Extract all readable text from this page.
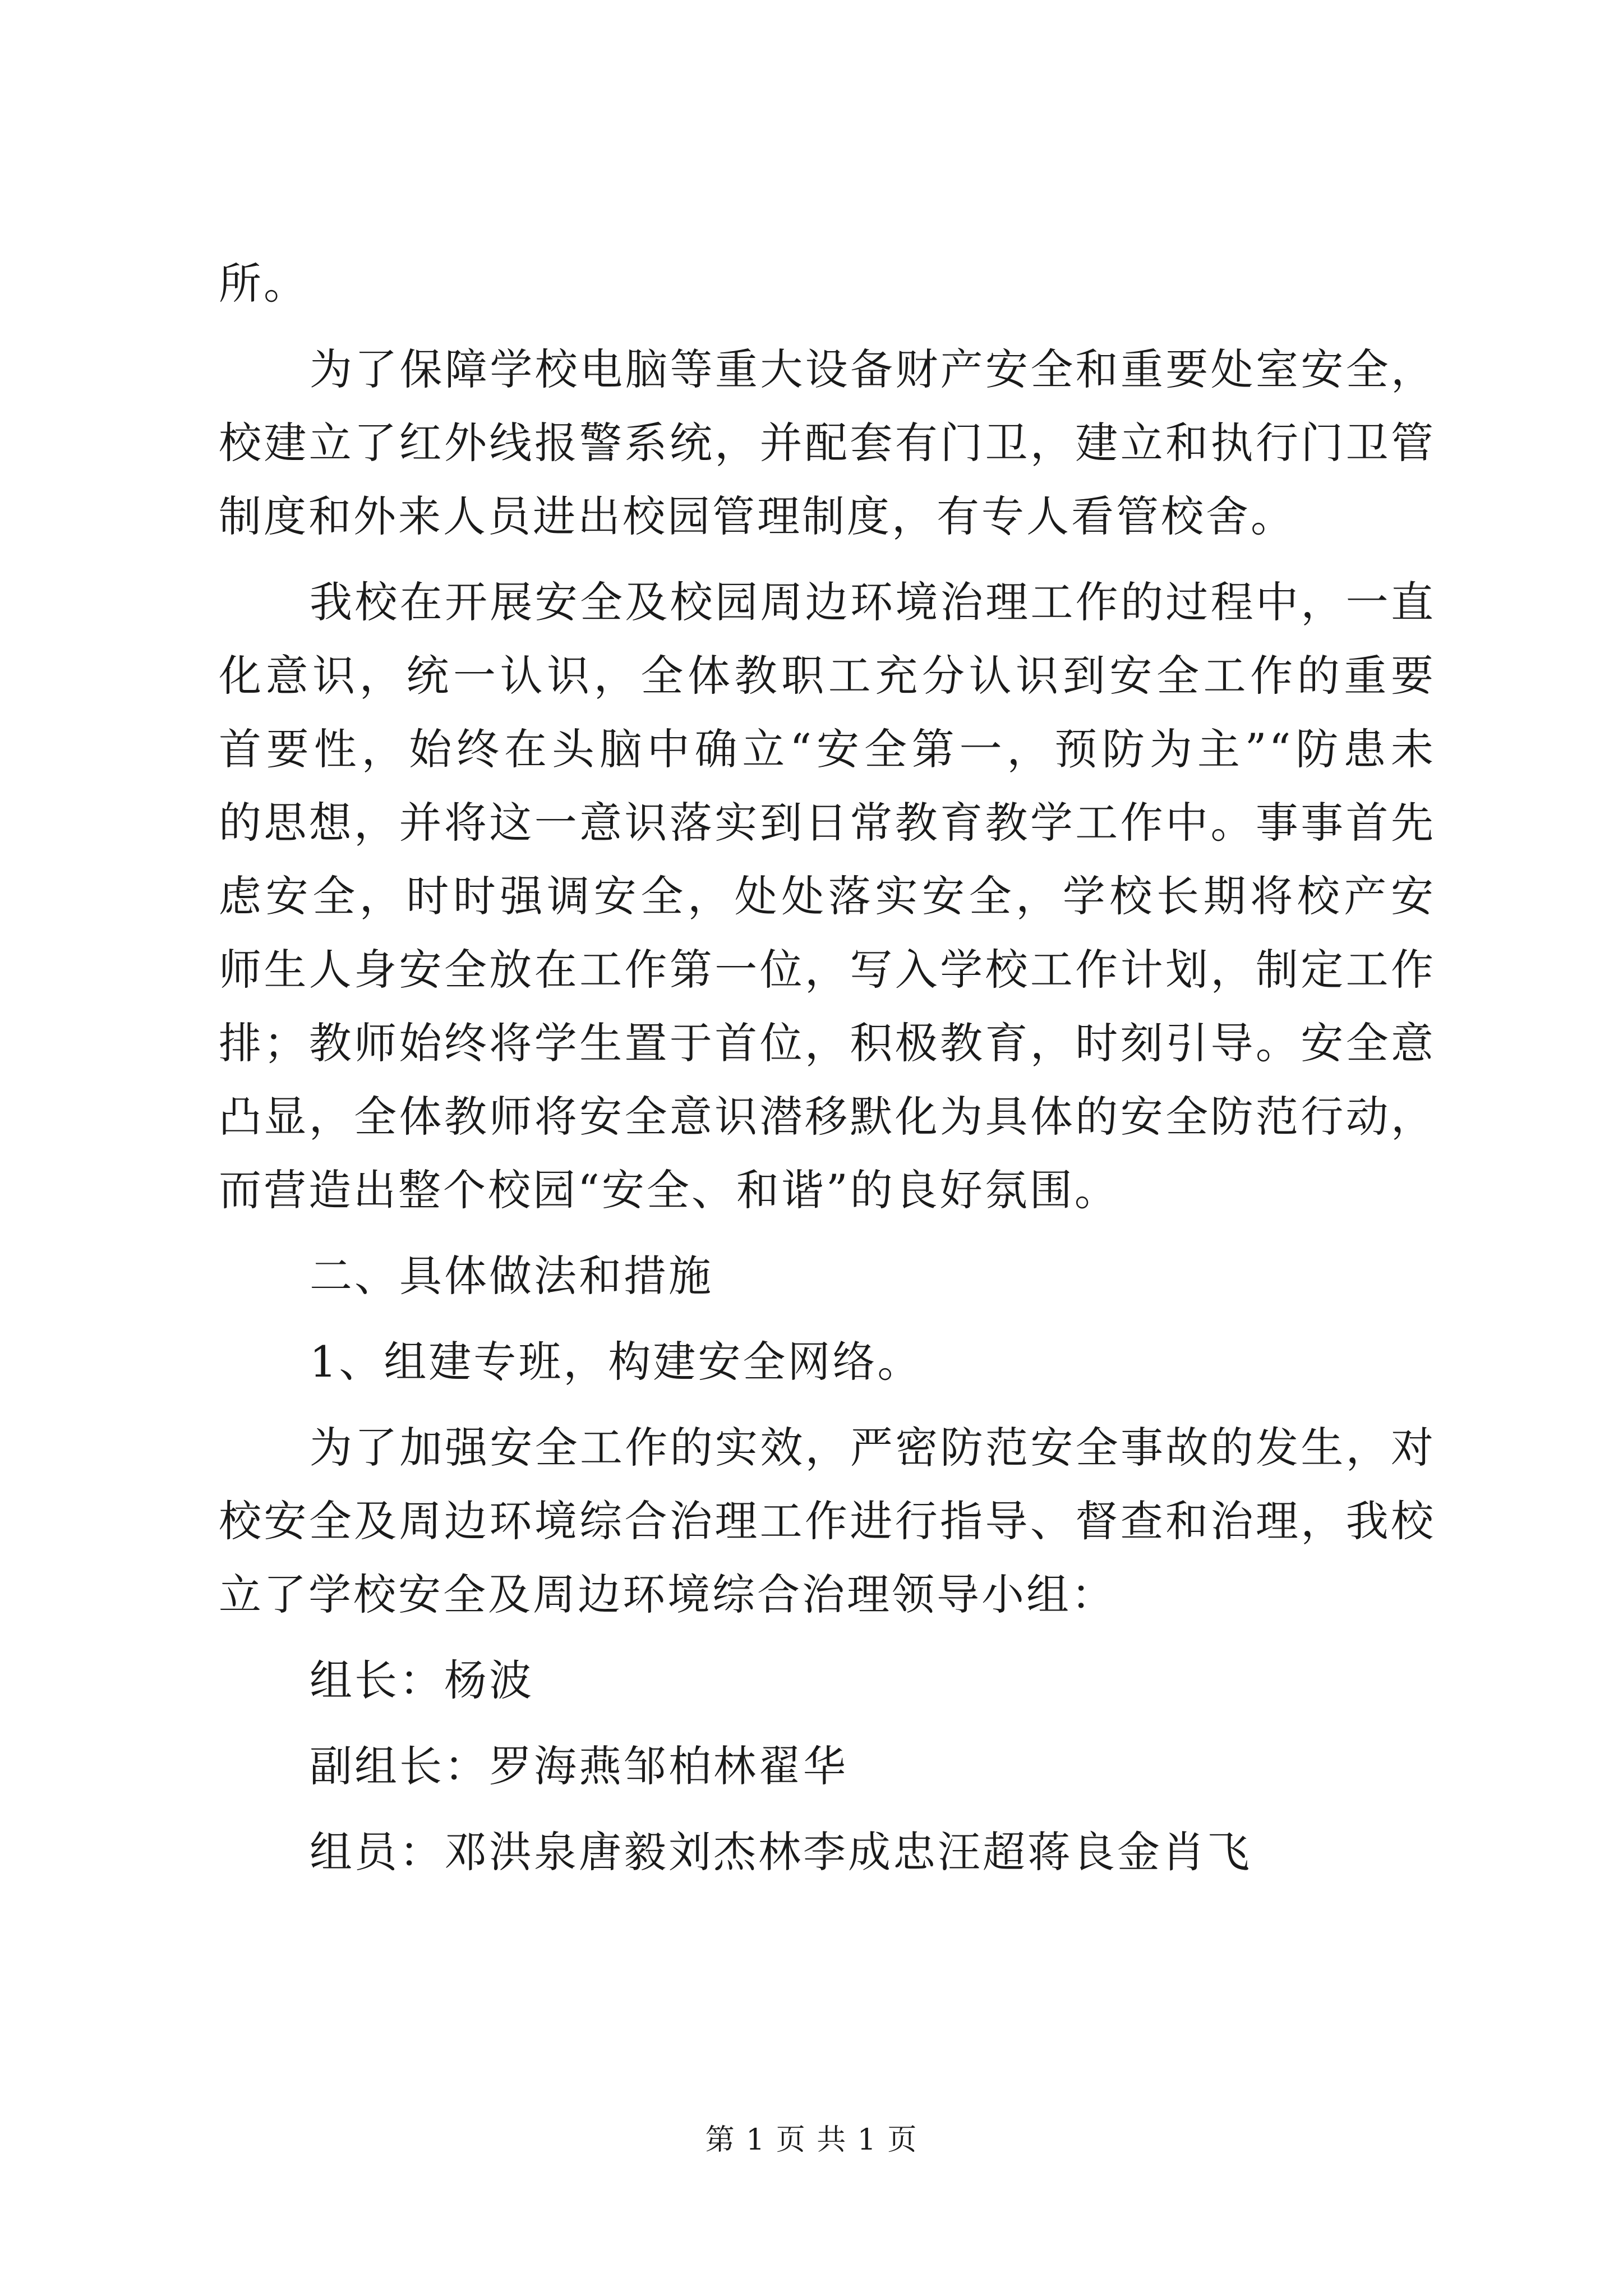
所。
为了保障学校电脑等重大设备财产安全和重要处室安全，
校建立了红外线报警系统，并配套有门卫，建立和执行门卫管
制度和外来人员进出校园管理制度，有专人看管校舍。
我校在开展安全及校园周边环境治理工作的过程中，一直
化意识，统一认识，全体教职工充分认识到安全工作的重要
首要性，始终在头脑中确立“安全第一，预防为主”“防患未
的思想，并将这一意识落实到日常教育教学工作中。事事首先
虑安全，时时强调安全，处处落实安全，学校长期将校产安
师生人身安全放在工作第一位，写入学校工作计划，制定工作
排；教师始终将学生置于首位，积极教育，时刻引导。安全意
凸显，全体教师将安全意识潜移默化为具体的安全防范行动，
而营造出整个校园“安全、和谐”的良好氛围。
二、具体做法和措施
1、组建专班，构建安全网络。
为了加强安全工作的实效，严密防范安全事故的发生，对
校安全及周边环境综合治理工作进行指导、督查和治理，我校
立了学校安全及周边环境综合治理领导小组：
组长：杨波
副组长：罗海燕邹柏林翟华
组员：邓洪泉唐毅刘杰林李成忠汪超蒋良金肖飞
第 1 页 共 1 页
